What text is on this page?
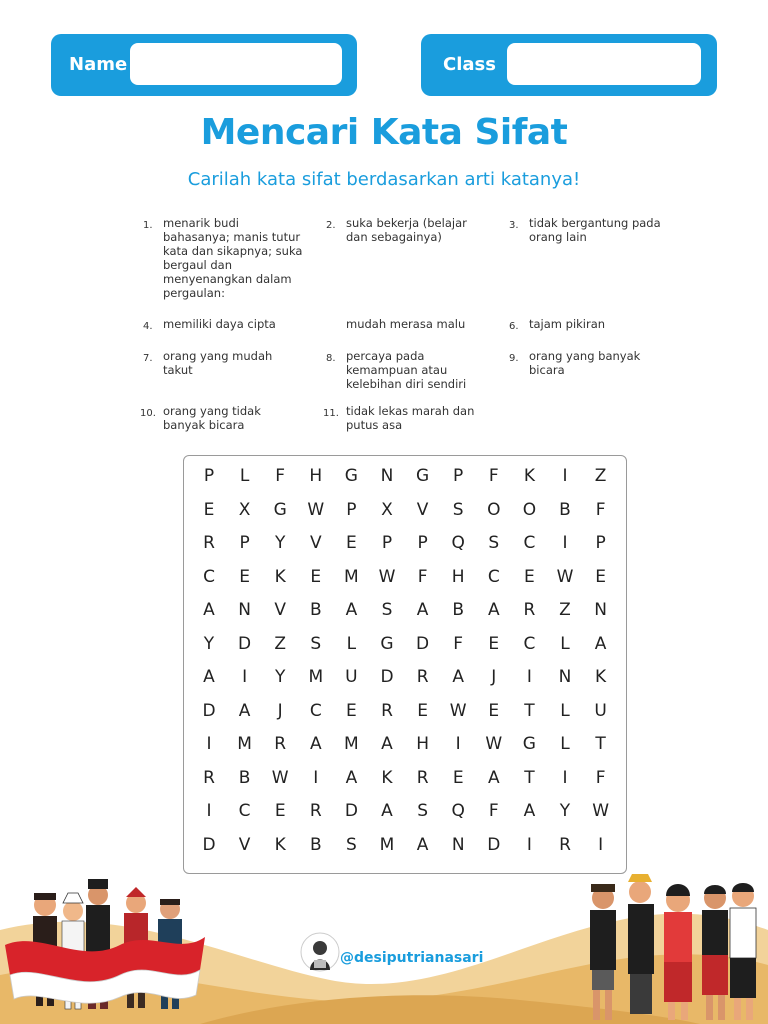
Name	Class
Mencari Kata Sifat
Carilah kata sifat berdasarkan arti katanya!
1. menarik budi bahasanya; manis tutur kata dan sikapnya; suka bergaul dan menyenangkan dalam pergaulan:
2. suka bekerja (belajar dan sebagainya)
3. tidak bergantung pada orang lain
4. memiliki daya cipta	mudah merasa malu	6. tajam pikiran
7. orang yang mudah takut
8. percaya pada kemampuan atau kelebihan diri sendiri
9. orang yang banyak bicara
10. orang yang tidak banyak bicara
11. tidak lekas marah dan putus asa
P	L	F	H	G	N	G	P	F	K	I	Z
E	X	G	W	P	X	V	S	O	O	B	F
R	P	Y	V	E	P	P	Q	S	C	I	P
C	E	K	E	M	W	F	H	C	E	W	E
A	N	V	B	A	S	A	B	A	R	Z	N
Y	D	Z	S	L	G	D	F	E	C	L	A
A	I	Y	M	U	D	R	A	J	I	N	K
D	A	J	C	E	R	E	W	E	T	L	U
I	M	R	A	M	A	H	I	W	G	L	T
R	B	W	I	A	K	R	E	A	T	I	F
I	C	E	R	D	A	S	Q	F	A	Y	W
D	V	K	B	S	M	A	N	D	I	R	I
@desiputrianasari
